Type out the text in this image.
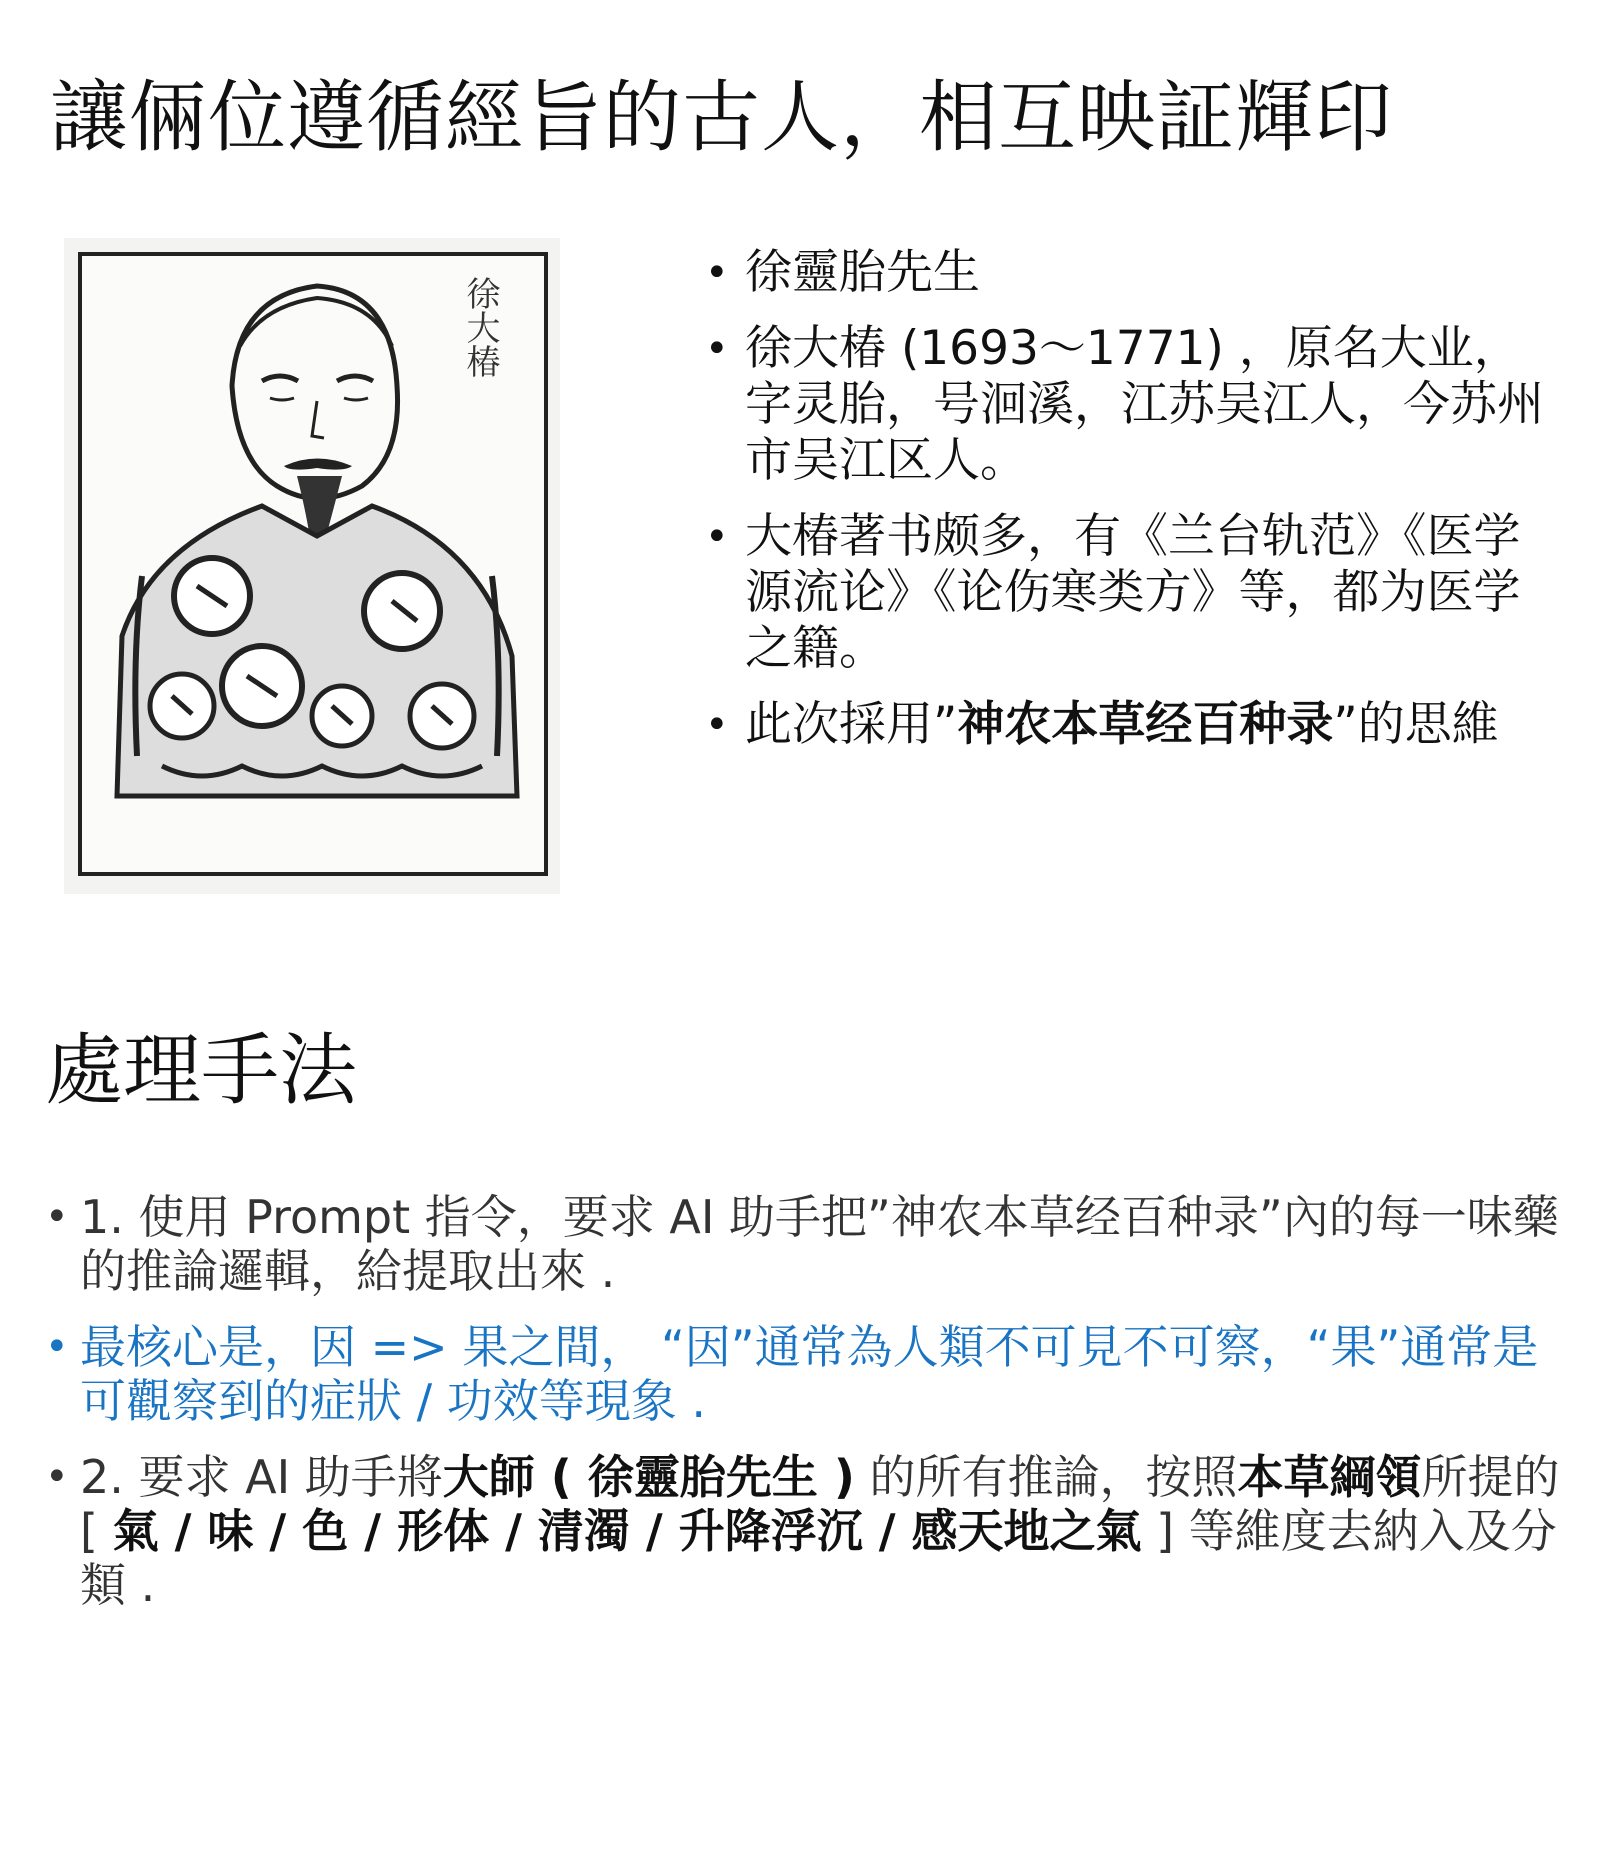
讓倆位遵循經旨的古人，相互映証輝印
徐大椿
• 徐靈胎先生
• 徐大椿 (1693～1771) ，原名大业，字灵胎，号洄溪，江苏吴江人，今苏州市吴江区人。
• 大椿著书颇多，有《兰台轨范》《医学源流论》《论伤寒类方》等，都为医学之籍。
• 此次採用”神农本草经百种录”的思維
處理手法
• 1. 使用 Prompt 指令，要求 AI 助手把”神农本草经百种录”內的每一味藥的推論邏輯，給提取出來 .
• 最核心是，因 => 果之間， “因”通常為人類不可見不可察，“果”通常是可觀察到的症狀 / 功效等現象 .
• 2. 要求 AI 助手將大師 ( 徐靈胎先生 ) 的所有推論，按照本草綱領所提的 [ 氣 / 味 / 色 / 形体 / 清濁 / 升降浮沉 / 感天地之氣 ] 等維度去納入及分類 .
